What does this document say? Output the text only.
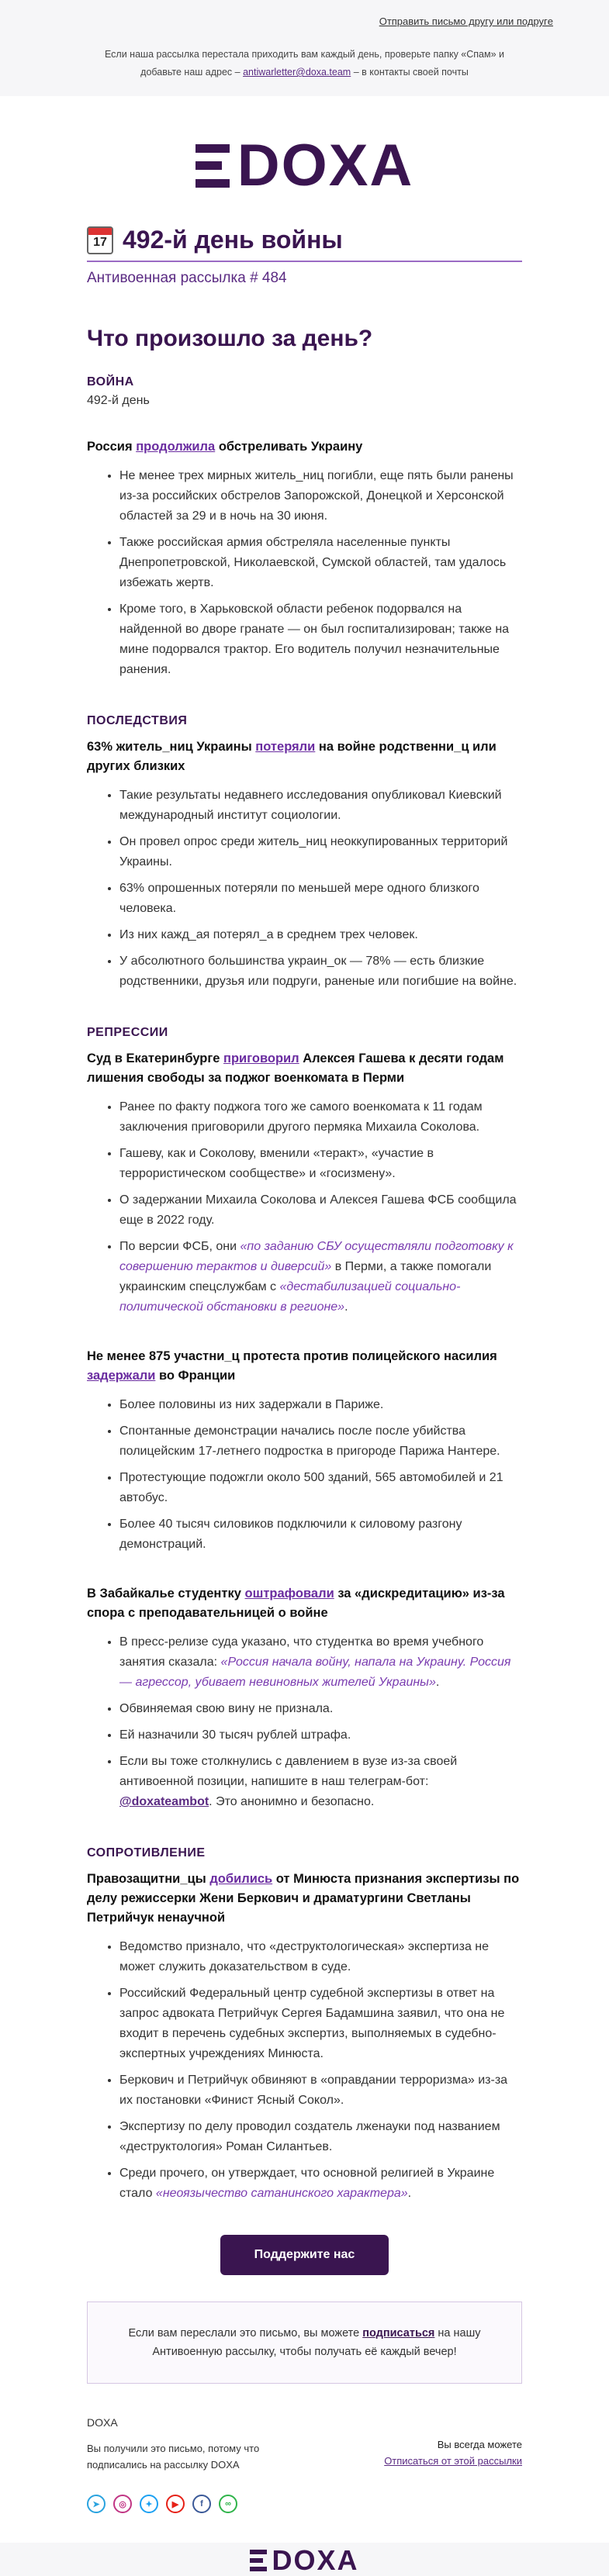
Отправить письмо другу или подругe
Если наша рассылка перестала приходить вам каждый день, проверьте папку «Спам» и добавьте наш адрес – antiwarletter@doxa.team – в контакты своей почты
DOXA
17 492-й день войны
Антивоенная рассылка # 484
Что произошло за день?
ВОЙНА
492-й день
Россия продолжила обстреливать Украину
• Не менее трех мирных житель_ниц погибли, еще пять были ранены из-за российских обстрелов Запорожской, Донецкой и Херсонской областей за 29 и в ночь на 30 июня.
• Также российская армия обстреляла населенные пункты Днепропетровской, Николаевской, Сумской областей, там удалось избежать жертв.
• Кроме того, в Харьковской области ребенок подорвался на найденной во дворе гранате — он был госпитализирован; также на мине подорвался трактор. Его водитель получил незначительные ранения.
ПОСЛЕДСТВИЯ
63% житель_ниц Украины потеряли на войне родственни_ц или других близких
• Такие результаты недавнего исследования опубликовал Киевский международный институт социологии.
• Он провел опрос среди житель_ниц неоккупированных территорий Украины.
• 63% опрошенных потеряли по меньшей мере одного близкого человека.
• Из них кажд_ая потерял_а в среднем трех человек.
• У абсолютного большинства украин_ок — 78% — есть близкие родственники, друзья или подруги, раненые или погибшие на войне.
РЕПРЕССИИ
Суд в Екатеринбурге приговорил Алексея Гашева к десяти годам лишения свободы за поджог военкомата в Перми
• Ранее по факту поджога того же самого военкомата к 11 годам заключения приговорили другого пермяка Михаила Соколова.
• Гашеву, как и Соколову, вменили «теракт», «участие в террористическом сообществе» и «госизмену».
• О задержании Михаила Соколова и Алексея Гашева ФСБ сообщила еще в 2022 году.
• По версии ФСБ, они «по заданию СБУ осуществляли подготовку к совершению терактов и диверсий» в Перми, а также помогали украинским спецслужбам с «дестабилизацией социально-политической обстановки в регионе».
Не менее 875 участни_ц протеста против полицейского насилия задержали во Франции
• Более половины из них задержали в Париже.
• Спонтанные демонстрации начались после после убийства полицейским 17-летнего подростка в пригороде Парижа Нантере.
• Протестующие подожгли около 500 зданий, 565 автомобилей и 21 автобус.
• Более 40 тысяч силовиков подключили к силовому разгону демонстраций.
В Забайкалье студентку оштрафовали за «дискредитацию» из-за спора с преподавательницей о войне
• В пресс-релизе суда указано, что студентка во время учебного занятия сказала: «Россия начала войну, напала на Украину. Россия — агрессор, убивает невиновных жителей Украины».
• Обвиняемая свою вину не признала.
• Ей назначили 30 тысяч рублей штрафа.
• Если вы тоже столкнулись с давлением в вузе из-за своей антивоенной позиции, напишите в наш телеграм-бот: @doxateambot. Это анонимно и безопасно.
СОПРОТИВЛЕНИЕ
Правозащитни_цы добились от Минюста признания экспертизы по делу режиссерки Жени Беркович и драматургини Светланы Петрийчук ненаучной
• Ведомство признало, что «деструктологическая» экспертиза не может служить доказательством в суде.
• Российский Федеральный центр судебной экспертизы в ответ на запрос адвоката Петрийчук Сергея Бадамшина заявил, что она не входит в перечень судебных экспертиз, выполняемых в судебно-экспертных учреждениях Минюста.
• Беркович и Петрийчук обвиняют в «оправдании терроризма» из-за их постановки «Финист Ясный Сокол».
• Экспертизу по делу проводил создатель лженауки под названием «деструктология» Роман Силантьев.
• Среди прочего, он утверждает, что основной религией в Украине стало «неоязычество сатанинского характера».
Поддержите нас
Если вам переслали это письмо, вы можете подписаться на нашу Антивоенную рассылку, чтобы получать её каждый вечер!
DOXA
Вы получили это письмо, потому что подписались на рассылку DOXA
Вы всегда можете
Отписаться от этой рассылки
➤	◎	✦	▶	f	∞
DOXA
